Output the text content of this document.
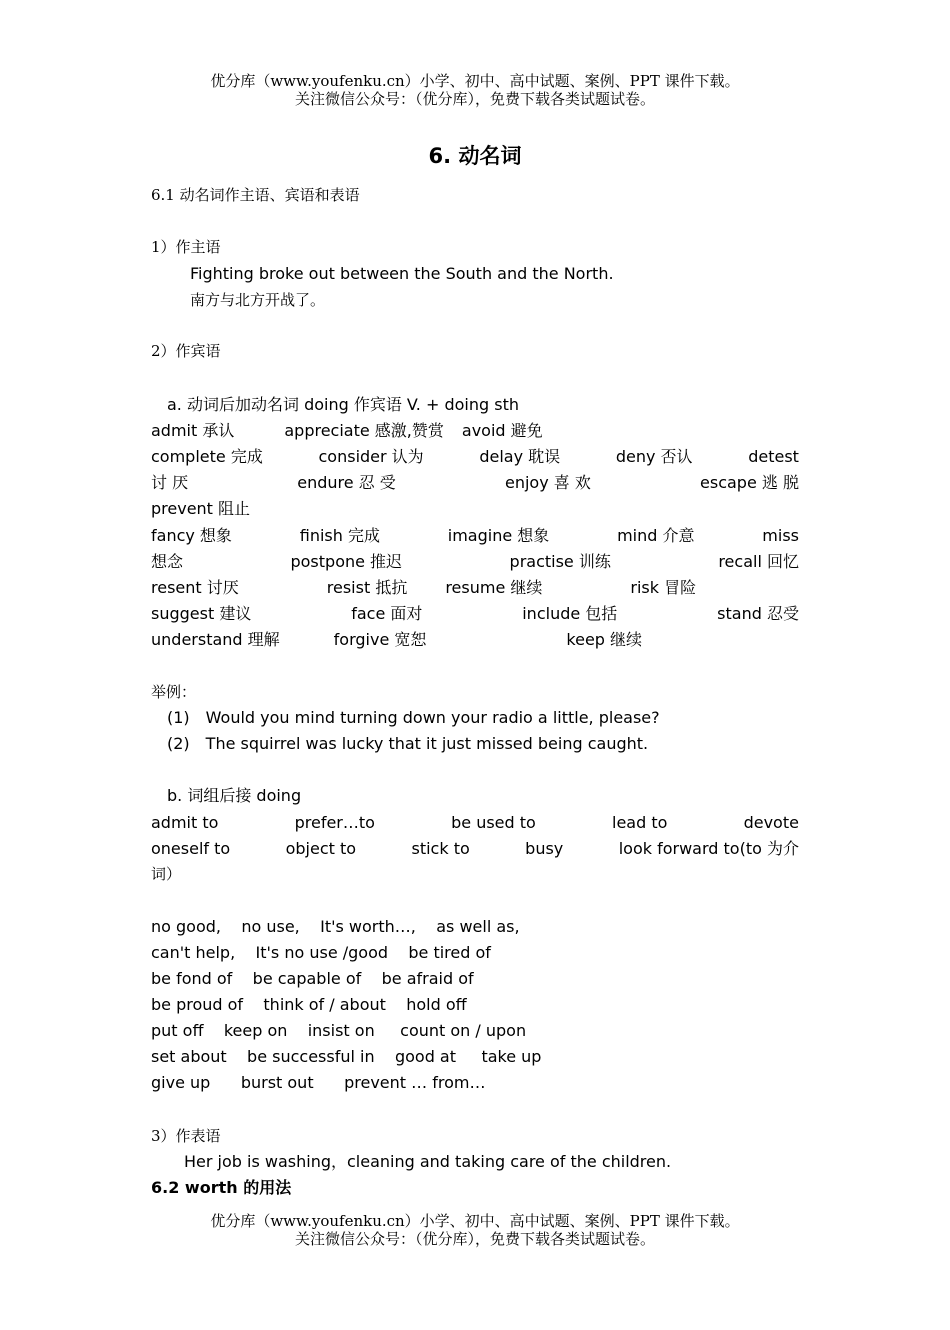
优分库（www.youfenku.cn）小学、初中、高中试题、案例、PPT 课件下载。
关注微信公众号：（优分库），免费下载各类试题试卷。
6. 动名词
6.1 动名词作主语、宾语和表语
1）作主语
Fighting broke out between the South and the North.
南方与北方开战了。
2）作宾语
a. 动词后加动名词 doing 作宾语 V. + doing sth
admit 承认	appreciate 感激,赞赏 avoid 避免
complete 完成	consider 认为	delay 耽误	deny 否认	detest
讨 厌	endure 忍 受	enjoy 喜 欢	escape 逃 脱
prevent 阻止
fancy 想象	finish 完成	imagine 想象	mind 介意	miss
想念	postpone 推迟	practise 训练	recall 回忆
resent 讨厌	resist 抵抗 resume 继续	risk 冒险
suggest 建议	face 面对	include 包括	stand 忍受
understand 理解	forgive 宽恕	keep 继续
举例：
(1) Would you mind turning down your radio a little, please?
(2) The squirrel was lucky that it just missed being caught.
b. 词组后接 doing
admit to	prefer…to	be used to	lead to	devote
oneself to	object to	stick to	busy	look forward to(to 为介
词）
no good, no use, It's worth…, as well as,
can't help, It's no use /good be tired of
be fond of be capable of be afraid of
be proud of think of / about hold off
put off keep on insist on count on / upon
set about be successful in good at take up
give up burst out prevent … from…
3）作表语
Her job is washing，cleaning and taking care of the children.
6.2 worth 的用法
优分库（www.youfenku.cn）小学、初中、高中试题、案例、PPT 课件下载。
关注微信公众号：（优分库），免费下载各类试题试卷。
